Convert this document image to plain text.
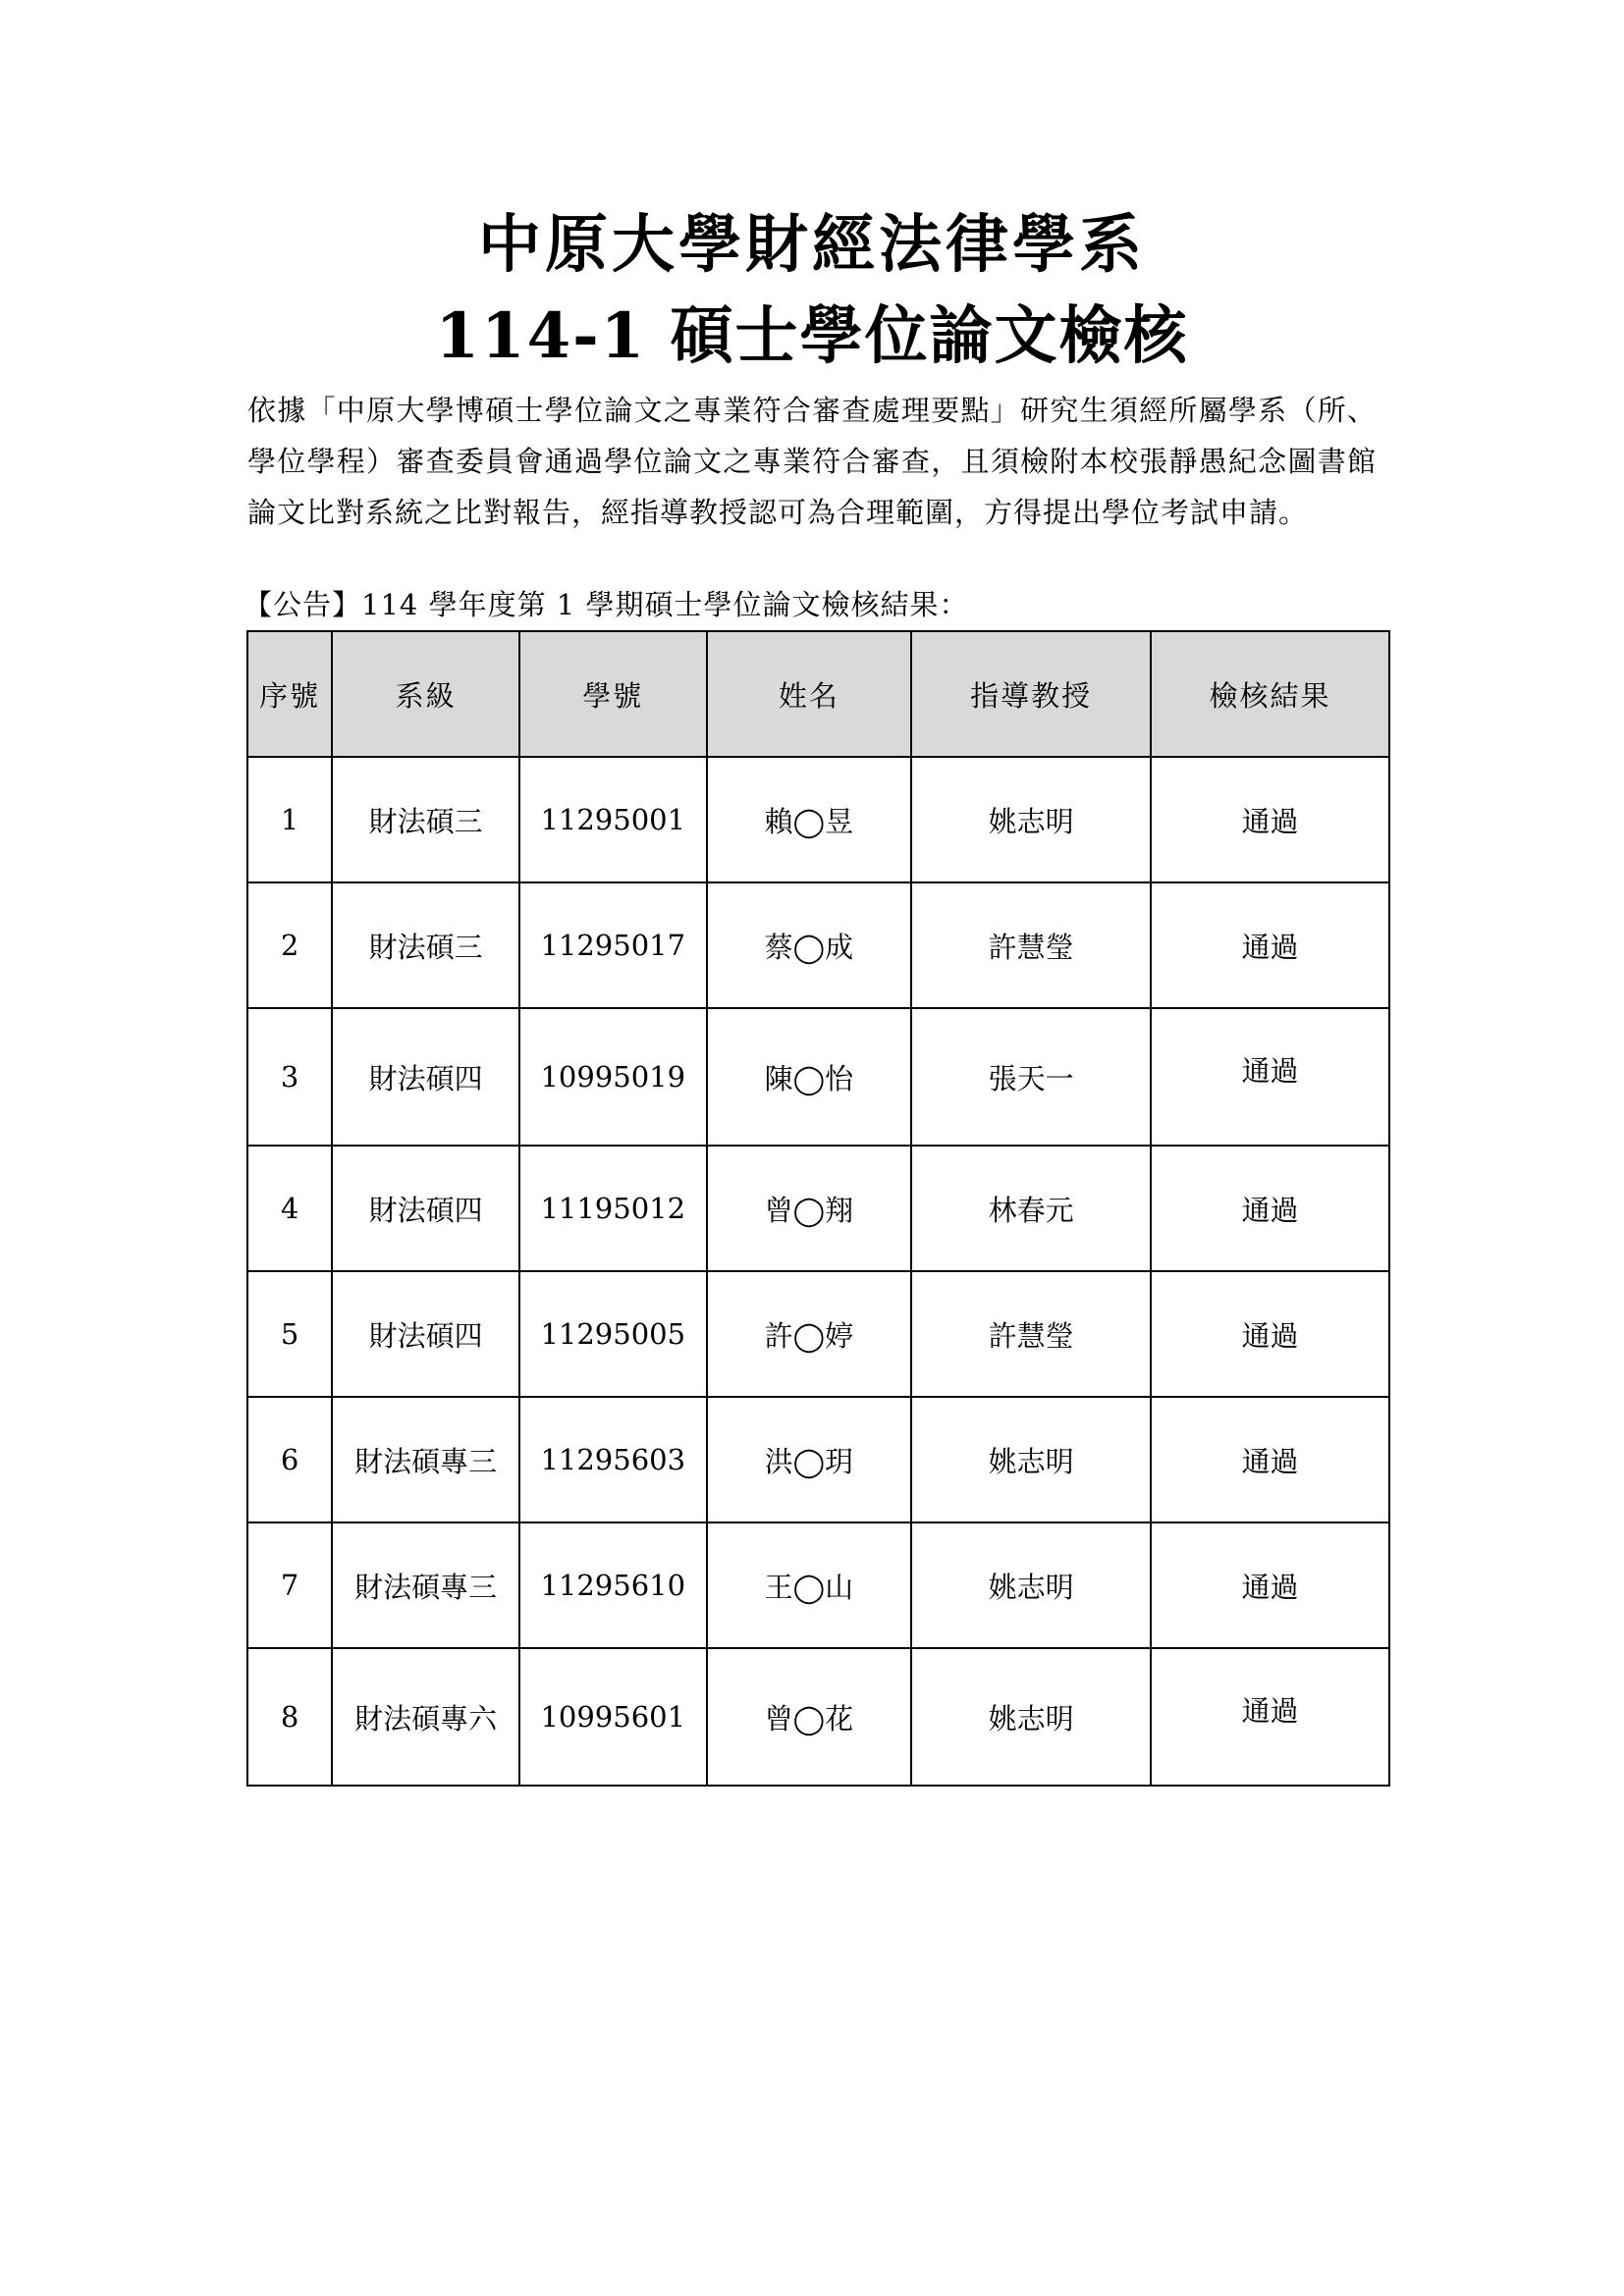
中原大學財經法律學系
114-1 碩士學位論文檢核
依據「中原大學博碩士學位論文之專業符合審查處理要點」研究生須經所屬學系（所、學位學程）審查委員會通過學位論文之專業符合審查，且須檢附本校張靜愚紀念圖書館論文比對系統之比對報告，經指導教授認可為合理範圍，方得提出學位考試申請。
【公告】114 學年度第 1 學期碩士學位論文檢核結果：
序號	系級	學號	姓名	指導教授	檢核結果
1	財法碩三	11295001	賴◯昱	姚志明	通過
2	財法碩三	11295017	蔡◯成	許慧瑩	通過
3	財法碩四	10995019	陳◯怡	張天一	通過
4	財法碩四	11195012	曾◯翔	林春元	通過
5	財法碩四	11295005	許◯婷	許慧瑩	通過
6	財法碩專三	11295603	洪◯玥	姚志明	通過
7	財法碩專三	11295610	王◯山	姚志明	通過
8	財法碩專六	10995601	曾◯花	姚志明	通過
